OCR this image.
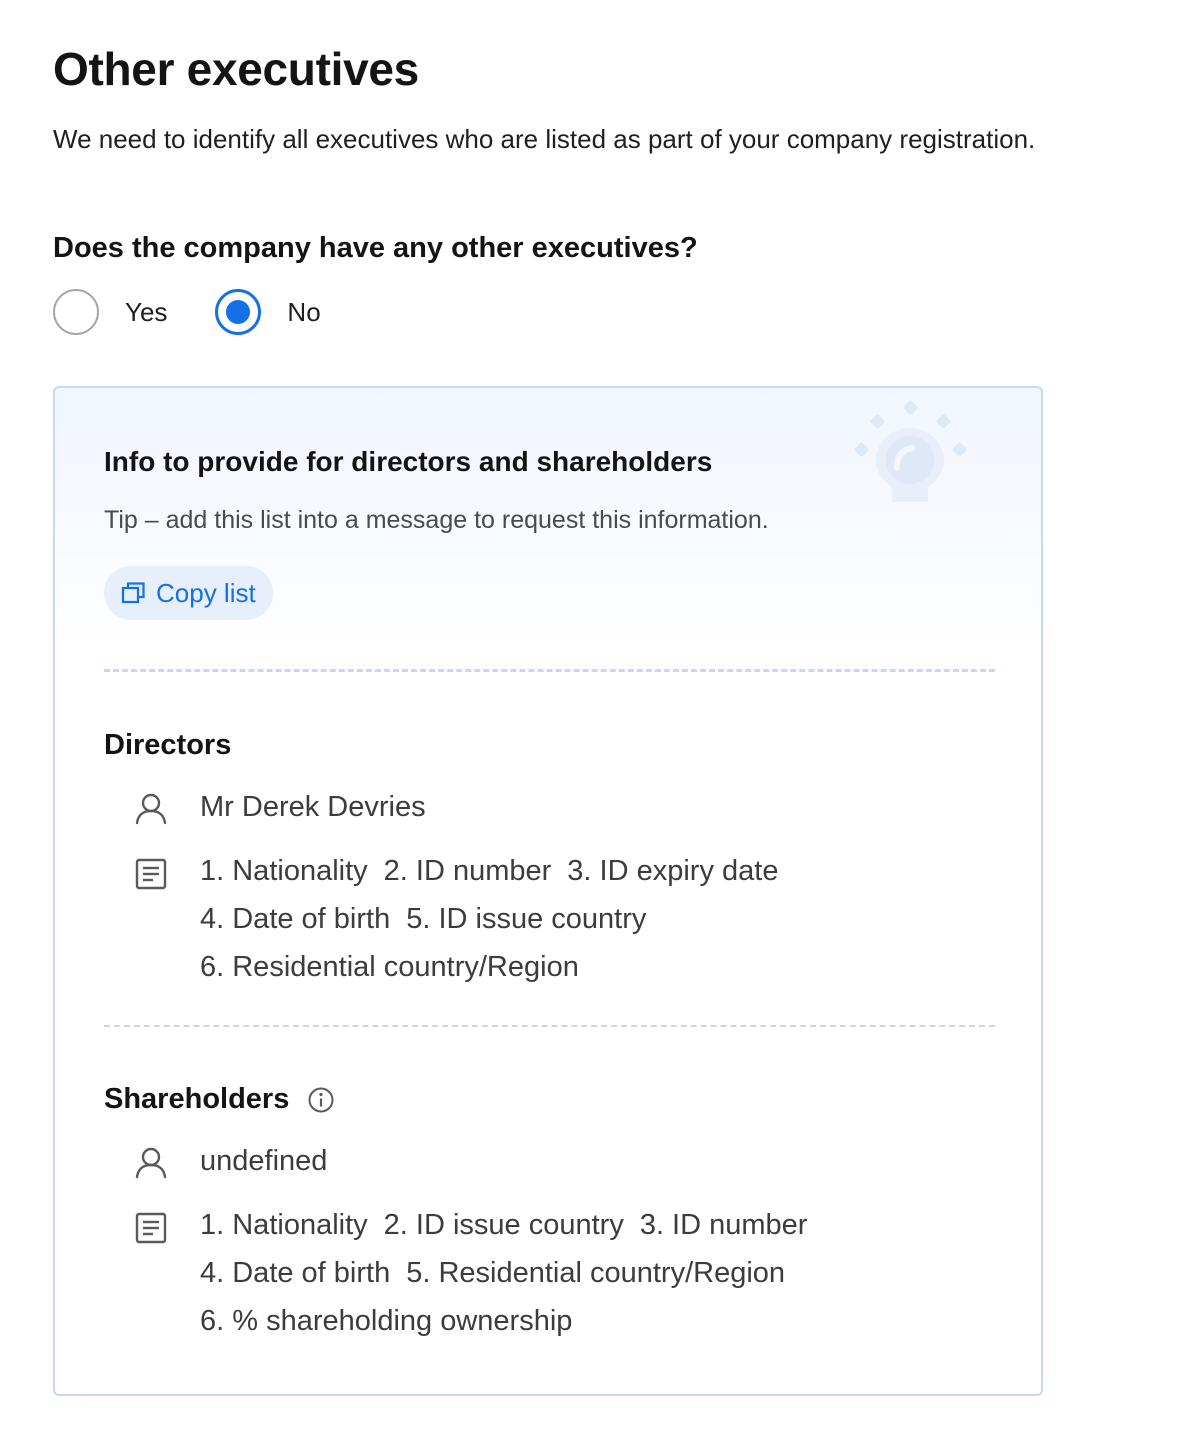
Other executives

We need to identify all executives who are listed as part of your company registration.

Does the company have any other executives?
Yes	No
Info to provide for directors and shareholders
Tip – add this list into a message to request this information.
Copy list
Directors
Mr Derek Devries
1. Nationality 2. ID number 3. ID expiry date
4. Date of birth 5. ID issue country
6. Residential country/Region
Shareholders
undefined
1. Nationality 2. ID issue country 3. ID number
4. Date of birth 5. Residential country/Region
6. % shareholding ownership
